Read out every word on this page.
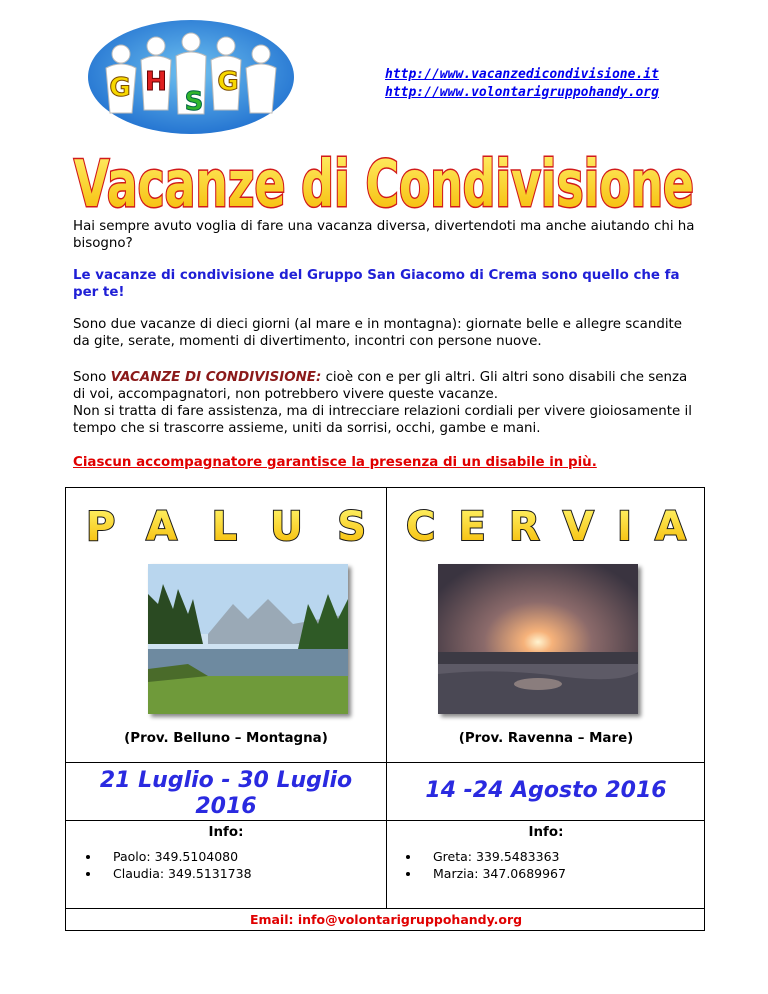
G H
S
G	http://www.vacanzedicondivisione.it
http://www.volontarigruppohandy.org
Vacanze di Condivisione
Hai sempre avuto voglia di fare una vacanza diversa, divertendoti ma anche aiutando chi ha bisogno?
Le vacanze di condivisione del Gruppo San Giacomo di Crema sono quello che fa per te!
Sono due vacanze di dieci giorni (al mare e in montagna): giornate belle e allegre scandite da gite, serate, momenti di divertimento, incontri con persone nuove.
Sono VACANZE DI CONDIVISIONE: cioè con e per gli altri. Gli altri sono disabili che senza di voi, accompagnatori, non potrebbero vivere queste vacanze.
Non si tratta di fare assistenza, ma di intrecciare relazioni cordiali per vivere gioiosamente il tempo che si trascorre assieme, uniti da sorrisi, occhi, gambe e mani.
Ciascun accompagnatore garantisce la presenza di un disabile in più.
PALUS
(Prov. Belluno – Montagna)
21 Luglio - 30 Luglio 2016
Info:
• Paolo: 349.5104080
• Claudia: 349.5131738
CERVIA
(Prov. Ravenna – Mare)
14 -24 Agosto 2016
Info:
• Greta: 339.5483363
• Marzia: 347.0689967
Email: info@volontarigruppohandy.org
